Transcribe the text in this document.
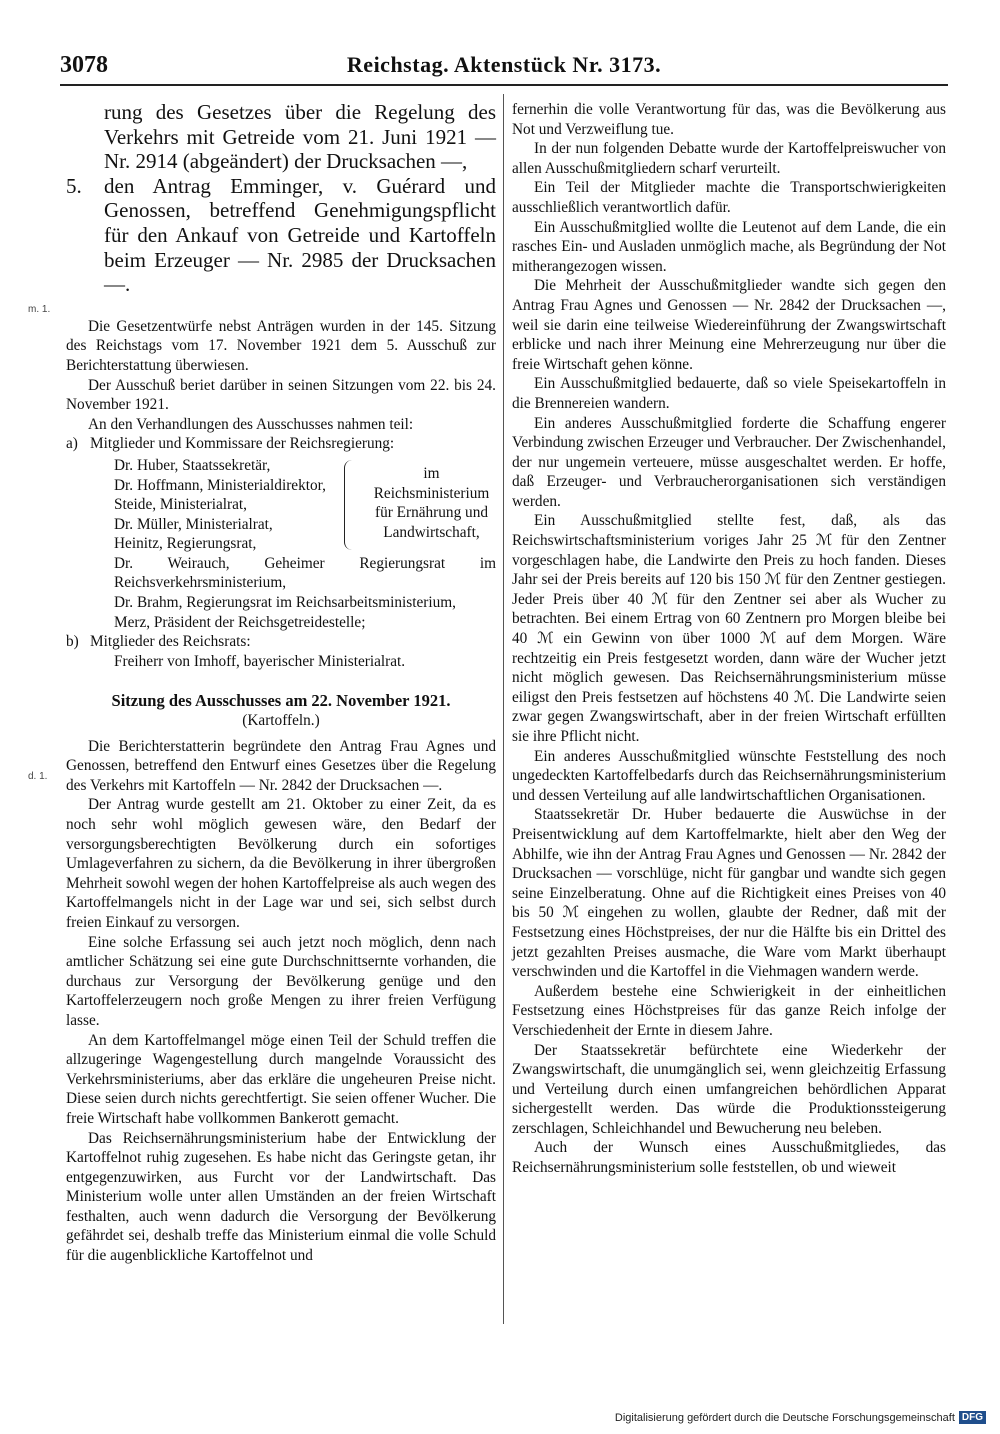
3078	Reichstag. Aktenstück Nr. 3173.
m. 1.
d. 1.

rung des Gesetzes über die Regelung des Verkehrs mit Getreide vom 21. Juni 1921 — Nr. 2914 (abgeändert) der Drucksachen —,

5.	den Antrag Emminger, v. Guérard und Genossen, betreffend Genehmigungspflicht für den Ankauf von Getreide und Kartoffeln beim Erzeuger — Nr. 2985 der Drucksachen —.

Die Gesetzentwürfe nebst Anträgen wurden in der 145. Sitzung des Reichstags vom 17. November 1921 dem 5. Ausschuß zur Berichterstattung überwiesen.

Der Ausschuß beriet darüber in seinen Sitzungen vom 22. bis 24. November 1921.

An den Verhandlungen des Ausschusses nahmen teil:

a) Mitglieder und Kommissare der Reichsregierung:
Dr. Huber, Staatssekretär,
Dr. Hoffmann, Ministerialdirektor,
Steide, Ministerialrat,
Dr. Müller, Ministerialrat,
Heinitz, Regierungsrat,
im Reichsministerium für Ernährung und Landwirtschaft,

Dr. Weirauch, Geheimer Regierungsrat im Reichsverkehrsministerium,

Dr. Brahm, Regierungsrat im Reichsarbeitsministerium,

Merz, Präsident der Reichsgetreidestelle;

b) Mitglieder des Reichsrats:

Freiherr von Imhoff, bayerischer Ministerialrat.

Sitzung des Ausschusses am 22. November 1921.
(Kartoffeln.)

Die Berichterstatterin begründete den Antrag Frau Agnes und Genossen, betreffend den Entwurf eines Gesetzes über die Regelung des Verkehrs mit Kartoffeln — Nr. 2842 der Drucksachen —.

Der Antrag wurde gestellt am 21. Oktober zu einer Zeit, da es noch sehr wohl möglich gewesen wäre, den Bedarf der versorgungsberechtigten Bevölkerung durch ein sofortiges Umlageverfahren zu sichern, da die Bevölkerung in ihrer übergroßen Mehrheit sowohl wegen der hohen Kartoffelpreise als auch wegen des Kartoffelmangels nicht in der Lage war und sei, sich selbst durch freien Einkauf zu versorgen.

Eine solche Erfassung sei auch jetzt noch möglich, denn nach amtlicher Schätzung sei eine gute Durchschnittsernte vorhanden, die durchaus zur Versorgung der Bevölkerung genüge und den Kartoffelerzeugern noch große Mengen zu ihrer freien Verfügung lasse.

An dem Kartoffelmangel möge einen Teil der Schuld treffen die allzugeringe Wagengestellung durch mangelnde Voraussicht des Verkehrsministeriums, aber das erkläre die ungeheuren Preise nicht. Diese seien durch nichts gerechtfertigt. Sie seien offener Wucher. Die freie Wirtschaft habe vollkommen Bankerott gemacht.

Das Reichsernährungsministerium habe der Entwicklung der Kartoffelnot ruhig zugesehen. Es habe nicht das Geringste getan, ihr entgegenzuwirken, aus Furcht vor der Landwirtschaft. Das Ministerium wolle unter allen Umständen an der freien Wirtschaft festhalten, auch wenn dadurch die Versorgung der Bevölkerung gefährdet sei, deshalb treffe das Ministerium einmal die volle Schuld für die augenblickliche Kartoffelnot und

fernerhin die volle Verantwortung für das, was die Bevölkerung aus Not und Verzweiflung tue.

In der nun folgenden Debatte wurde der Kartoffelpreiswucher von allen Ausschußmitgliedern scharf verurteilt.

Ein Teil der Mitglieder machte die Transportschwierigkeiten ausschließlich verantwortlich dafür.

Ein Ausschußmitglied wollte die Leutenot auf dem Lande, die ein rasches Ein- und Ausladen unmöglich mache, als Begründung der Not mitherangezogen wissen.

Die Mehrheit der Ausschußmitglieder wandte sich gegen den Antrag Frau Agnes und Genossen — Nr. 2842 der Drucksachen —, weil sie darin eine teilweise Wiedereinführung der Zwangswirtschaft erblicke und nach ihrer Meinung eine Mehrerzeugung nur über die freie Wirtschaft gehen könne.

Ein Ausschußmitglied bedauerte, daß so viele Speisekartoffeln in die Brennereien wandern.

Ein anderes Ausschußmitglied forderte die Schaffung engerer Verbindung zwischen Erzeuger und Verbraucher. Der Zwischenhandel, der nur ungemein verteuere, müsse ausgeschaltet werden. Er hoffe, daß Erzeuger- und Verbraucherorganisationen sich verständigen werden.

Ein Ausschußmitglied stellte fest, daß, als das Reichswirtschaftsministerium voriges Jahr 25 ℳ für den Zentner vorgeschlagen habe, die Landwirte den Preis zu hoch fanden. Dieses Jahr sei der Preis bereits auf 120 bis 150 ℳ für den Zentner gestiegen. Jeder Preis über 40 ℳ für den Zentner sei aber als Wucher zu betrachten. Bei einem Ertrag von 60 Zentnern pro Morgen bleibe bei 40 ℳ ein Gewinn von über 1000 ℳ auf dem Morgen. Wäre rechtzeitig ein Preis festgesetzt worden, dann wäre der Wucher jetzt nicht möglich gewesen. Das Reichsernährungsministerium müsse eiligst den Preis festsetzen auf höchstens 40 ℳ. Die Landwirte seien zwar gegen Zwangswirtschaft, aber in der freien Wirtschaft erfüllten sie ihre Pflicht nicht.

Ein anderes Ausschußmitglied wünschte Feststellung des noch ungedeckten Kartoffelbedarfs durch das Reichsernährungsministerium und dessen Verteilung auf alle landwirtschaftlichen Organisationen.

Staatssekretär Dr. Huber bedauerte die Auswüchse in der Preisentwicklung auf dem Kartoffelmarkte, hielt aber den Weg der Abhilfe, wie ihn der Antrag Frau Agnes und Genossen — Nr. 2842 der Drucksachen — vorschlüge, nicht für gangbar und wandte sich gegen seine Einzelberatung. Ohne auf die Richtigkeit eines Preises von 40 bis 50 ℳ eingehen zu wollen, glaubte der Redner, daß mit der Festsetzung eines Höchstpreises, der nur die Hälfte bis ein Drittel des jetzt gezahlten Preises ausmache, die Ware vom Markt überhaupt verschwinden und die Kartoffel in die Viehmagen wandern werde.

Außerdem bestehe eine Schwierigkeit in der einheitlichen Festsetzung eines Höchstpreises für das ganze Reich infolge der Verschiedenheit der Ernte in diesem Jahre.

Der Staatssekretär befürchtete eine Wiederkehr der Zwangswirtschaft, die unumgänglich sei, wenn gleichzeitig Erfassung und Verteilung durch einen umfangreichen behördlichen Apparat sichergestellt werden. Das würde die Produktionssteigerung zerschlagen, Schleichhandel und Bewucherung neu beleben.

Auch der Wunsch eines Ausschußmitgliedes, das Reichsernährungsministerium solle feststellen, ob und wieweit

Digitalisierung gefördert durch die Deutsche Forschungsgemeinschaft DFG
